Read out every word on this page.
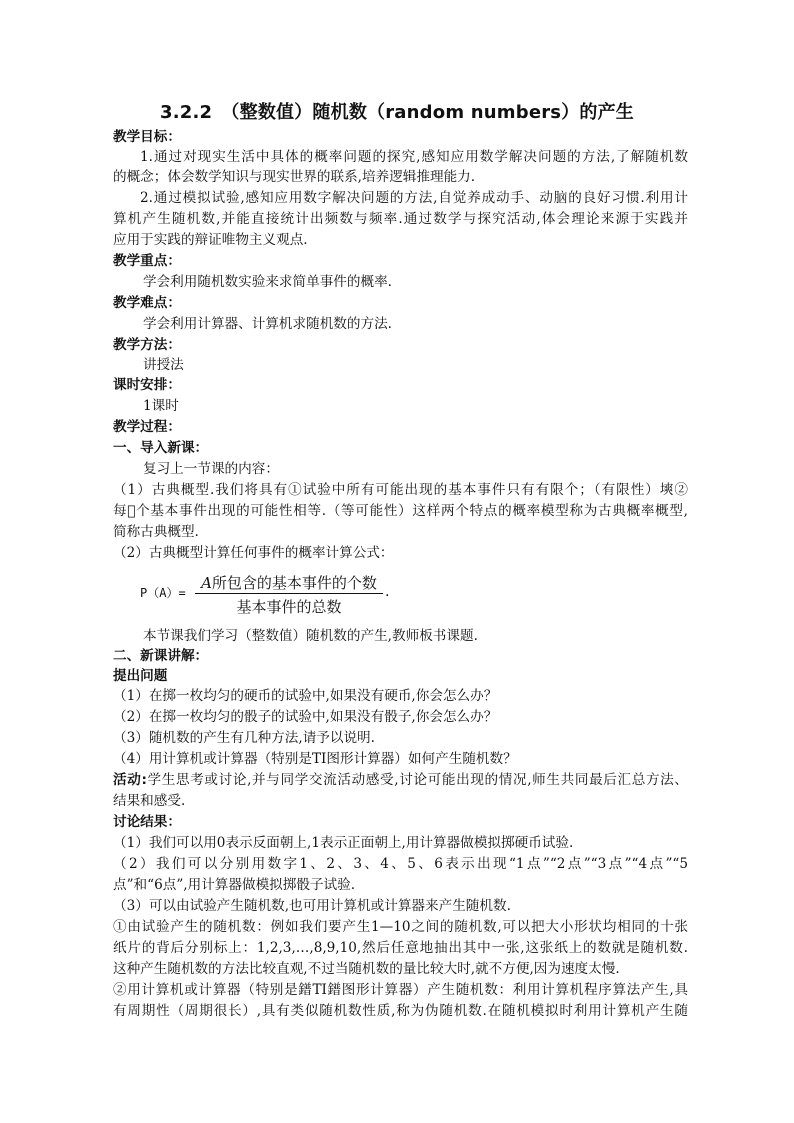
3.2.2　（整数值）随机数（random numbers）的产生
教学目标：
1.通过对现实生活中具体的概率问题的探究,感知应用数学解决问题的方法,了解随机数
的概念；体会数学知识与现实世界的联系,培养逻辑推理能力.
2.通过模拟试验,感知应用数字解决问题的方法,自觉养成动手、动脑的良好习惯.利用计
算机产生随机数,并能直接统计出频数与频率.通过数学与探究活动,体会理论来源于实践并
应用于实践的辩证唯物主义观点.
教学重点：
学会利用随机数实验来求简单事件的概率.
教学难点：
学会利用计算器、计算机求随机数的方法.
教学方法：
讲授法
课时安排：
1课时
教学过程：
一、导入新课：
复习上一节课的内容：
（1）古典概型.我们将具有①试验中所有可能出现的基本事件只有有限个；（有限性）塽②
每 个基本事件出现的可能性相等.（等可能性）这样两个特点的概率模型称为古典概率概型,
简称古典概型.
（2）古典概型计算任何事件的概率计算公式：
P（A）=
A所包含的基本事件的个数
基本事件的总数
.
本节课我们学习（整数值）随机数的产生,教师板书课题.
二、新课讲解：
提出问题
（1）在掷一枚均匀的硬币的试验中,如果没有硬币,你会怎么办？
（2）在掷一枚均匀的骰子的试验中,如果没有骰子,你会怎么办？
（3）随机数的产生有几种方法,请予以说明.
（4）用计算机或计算器（特别是TI图形计算器）如何产生随机数？
活动:学生思考或讨论,并与同学交流活动感受,讨论可能出现的情况,师生共同最后汇总方法、
结果和感受.
讨论结果：
（1）我们可以用0表示反面朝上,1表示正面朝上,用计算器做模拟掷硬币试验.
（2）我们可以分别用数字1、2、3、4、5、6表示出现“1点”“2点”“3点”“4点”“5
点”和“6点”,用计算器做模拟掷骰子试验.
（3）可以由试验产生随机数,也可用计算机或计算器来产生随机数.
①由试验产生的随机数：例如我们要产生1—10之间的随机数,可以把大小形状均相同的十张
纸片的背后分别标上：1,2,3,…,8,9,10,然后任意地抽出其中一张,这张纸上的数就是随机数.
这种产生随机数的方法比较直观,不过当随机数的量比较大时,就不方便,因为速度太慢.
②用计算机或计算器（特别是鐠TI鐠图形计算器）产生随机数：利用计算机程序算法产生,具
有周期性（周期很长）,具有类似随机数性质,称为伪随机数.在随机模拟时利用计算机产生随
